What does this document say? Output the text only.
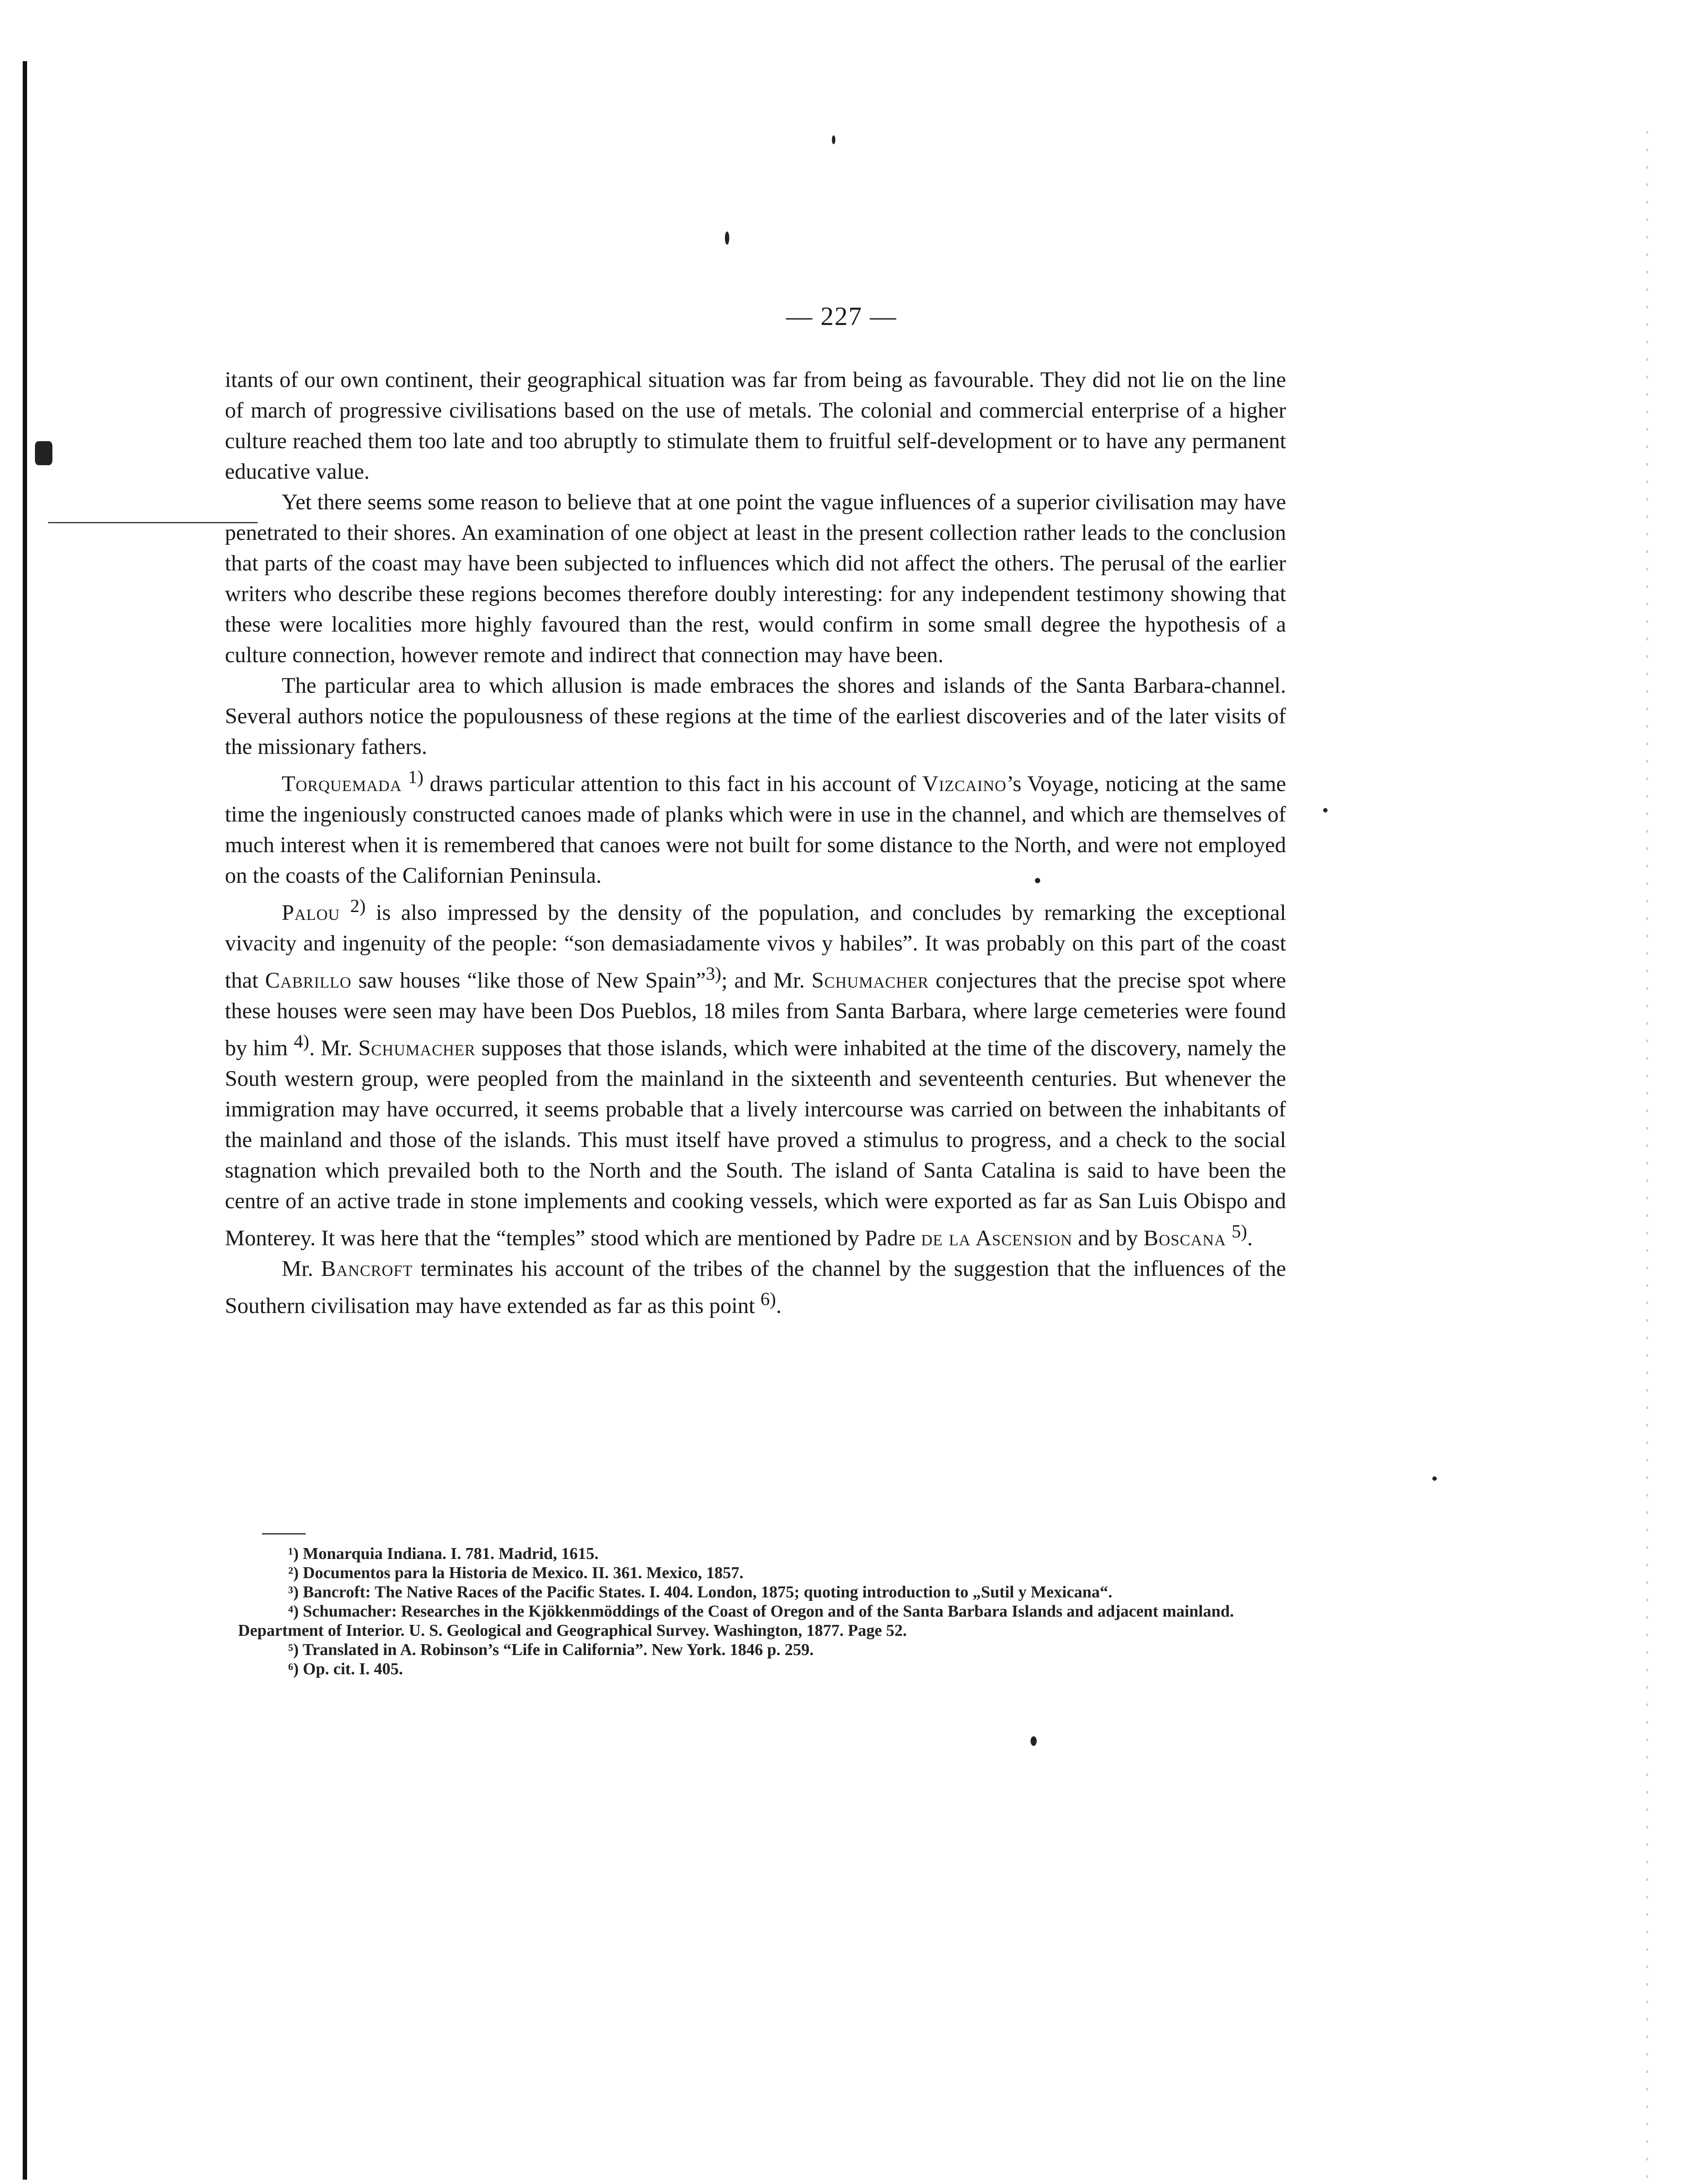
— 227 —

itants of our own continent, their geographical situation was far from being as favourable. They did not lie on the line of march of progressive civilisations based on the use of metals. The colonial and commercial enterprise of a higher culture reached them too late and too abruptly to stimulate them to fruitful self-development or to have any permanent educative value.

Yet there seems some reason to believe that at one point the vague influences of a superior civilisation may have penetrated to their shores. An examination of one object at least in the present collection rather leads to the conclusion that parts of the coast may have been subjected to influences which did not affect the others. The perusal of the earlier writers who describe these regions becomes therefore doubly interesting: for any independent testimony showing that these were localities more highly favoured than the rest, would confirm in some small degree the hypothesis of a culture connection, however remote and indirect that connection may have been.

The particular area to which allusion is made embraces the shores and islands of the Santa Barbara-channel. Several authors notice the populousness of these regions at the time of the earliest discoveries and of the later visits of the missionary fathers.

Torquemada $^{1)}$ draws particular attention to this fact in his account of Vizcaino’s Voyage, noticing at the same time the ingeniously constructed canoes made of planks which were in use in the channel, and which are themselves of much interest when it is remembered that canoes were not built for some distance to the North, and were not employed on the coasts of the Californian Peninsula.

Palou $^{2)}$ is also impressed by the density of the population, and concludes by remarking the exceptional vivacity and ingenuity of the people: “son demasiadamente vivos y habiles”. It was probably on this part of the coast that Cabrillo saw houses “like those of New Spain”$^{3)}$; and Mr. Schumacher conjectures that the precise spot where these houses were seen may have been Dos Pueblos, 18 miles from Santa Barbara, where large cemeteries were found by him $^{4)}$. Mr. Schumacher supposes that those islands, which were inhabited at the time of the discovery, namely the South western group, were peopled from the mainland in the sixteenth and seventeenth centuries. But whenever the immigration may have occurred, it seems probable that a lively intercourse was carried on between the inhabitants of the mainland and those of the islands. This must itself have proved a stimulus to progress, and a check to the social stagnation which prevailed both to the North and the South. The island of Santa Catalina is said to have been the centre of an active trade in stone implements and cooking vessels, which were exported as far as San Luis Obispo and Monterey. It was here that the “temples” stood which are mentioned by Padre de la Ascension and by Boscana $^{5)}$.

Mr. Bancroft terminates his account of the tribes of the channel by the suggestion that the influences of the Southern civilisation may have extended as far as this point $^{6)}$.

¹) Monarquia Indiana. I. 781. Madrid, 1615.

²) Documentos para la Historia de Mexico. II. 361. Mexico, 1857.

³) Bancroft: The Native Races of the Pacific States. I. 404. London, 1875; quoting introduction to „Sutil y Mexicana“.

⁴) Schumacher: Researches in the Kjökkenmöddings of the Coast of Oregon and of the Santa Barbara Islands and adjacent mainland. Department of Interior. U. S. Geological and Geographical Survey. Washington, 1877. Page 52.

⁵) Translated in A. Robinson’s “Life in California”. New York. 1846 p. 259.

⁶) Op. cit. I. 405.
